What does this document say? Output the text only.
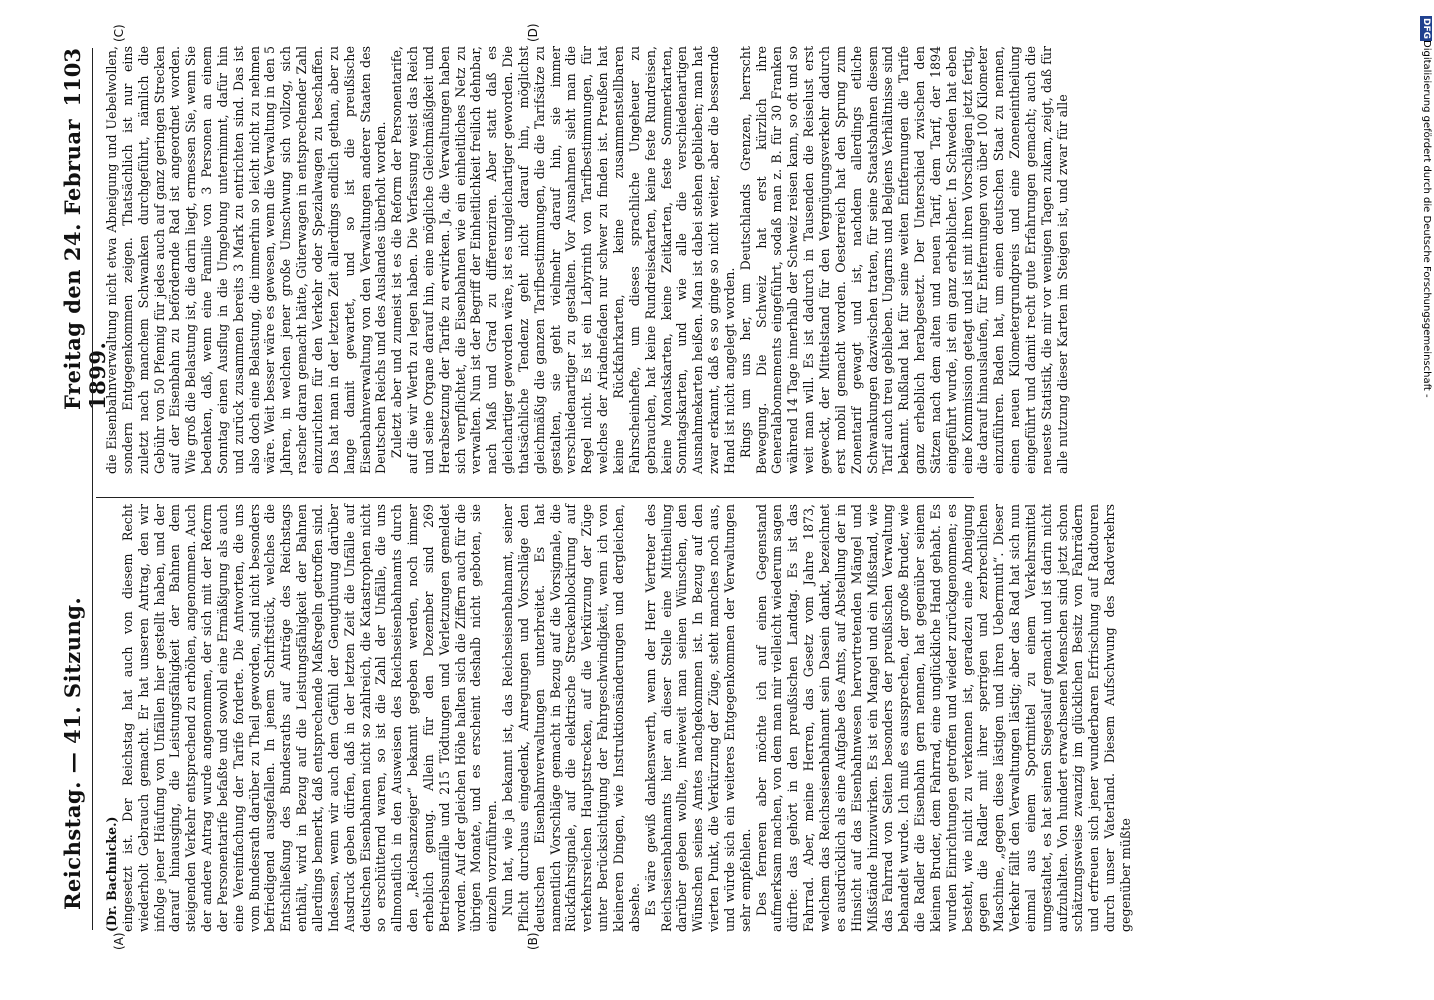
Reichstag. — 41. Sitzung.
Freitag den 24. Februar 1899.
1103
(A)	(B)
(C)	(D)

(Dr. Bachnicke.) eingesetzt ist. Der Reichstag hat auch von diesem Recht wiederholt Gebrauch gemacht. Er hat unseren Antrag, den wir infolge jener Häufung von Unfällen hier gestellt haben, und der darauf hinausging, die Leistungsfähigkeit der Bahnen dem steigenden Verkehr entsprechend zu erhöhen, angenommen. Auch der andere Antrag wurde angenommen, der sich mit der Reform der Personentarife befaßte und sowohl eine Ermäßigung als auch eine Vereinfachung der Tarife forderte. Die Antworten, die uns vom Bundesrath darüber zu Theil geworden, sind nicht besonders befriedigend ausgefallen. In jenem Schriftstück, welches die Entschließung des Bundesraths auf Anträge des Reichstags enthält, wird in Bezug auf die Leistungsfähigkeit der Bahnen allerdings bemerkt, daß entsprechende Maßregeln getroffen sind. Indessen, wenn wir auch dem Gefühl der Genugthuung darüber Ausdruck geben dürfen, daß in der letzten Zeit die Unfälle auf deutschen Eisenbahnen nicht so zahlreich, die Katastrophen nicht so erschütternd waren, so ist die Zahl der Unfälle, die uns allmonatlich in den Ausweisen des Reichseisenbahnamts durch den „Reichsanzeiger“ bekannt gegeben werden, noch immer erheblich genug. Allein für den Dezember sind 269 Betriebsunfälle und 215 Tödtungen und Verletzungen gemeldet worden. Auf der gleichen Höhe halten sich die Ziffern auch für die übrigen Monate, und es erscheint deshalb nicht geboten, sie einzeln vorzuführen. Nun hat, wie ja bekannt ist, das Reichseisenbahnamt, seiner Pflicht durchaus eingedenk, Anregungen und Vorschläge den deutschen Eisenbahnverwaltungen unterbreitet. Es hat namentlich Vorschläge gemacht in Bezug auf die Vorsignale, die Rückfahrsignale, auf die elektrische Streckenblockirung auf verkehrsreichen Hauptstrecken, auf die Verkürzung der Züge unter Berücksichtigung der Fahrgeschwindigkeit, wenn ich von kleineren Dingen, wie Instruktionsänderungen und dergleichen, absehe. Es wäre gewiß dankenswerth, wenn der Herr Vertreter des Reichseisenbahnamts hier an dieser Stelle eine Mittheilung darüber geben wollte, inwieweit man seinen Wünschen, den Wünschen seines Amtes nachgekommen ist. In Bezug auf den vierten Punkt, die Verkürzung der Züge, steht manches noch aus, und würde sich ein weiteres Entgegenkommen der Verwaltungen sehr empfehlen. Des ferneren aber möchte ich auf einen Gegenstand aufmerksam machen, von dem man mir vielleicht wiederum sagen dürfte: das gehört in den preußischen Landtag. Es ist das Fahrrad. Aber, meine Herren, das Gesetz vom Jahre 1873, welchem das Reichseisenbahnamt sein Dasein dankt, bezeichnet es ausdrücklich als eine Aufgabe des Amts, auf Abstellung der in Hinsicht auf das Eisenbahnwesen hervortretenden Mängel und Mißstände hinzuwirken. Es ist ein Mangel und ein Mißstand, wie das Fahrrad von Seiten besonders der preußischen Verwaltung behandelt wurde. Ich muß es aussprechen, der große Bruder, wie die Radler die Eisenbahn gern nennen, hat gegenüber seinem kleinen Bruder, dem Fahrrad, eine unglückliche Hand gehabt. Es wurden Einrichtungen getroffen und wieder zurückgenommen; es besteht, wie nicht zu verkennen ist, geradezu eine Abneigung gegen die Radler mit ihrer sperrigen und zerbrechlichen Maschine, „gegen diese lästigen und ihren Uebermuth“. Dieser Verkehr fällt den Verwaltungen lästig; aber das Rad hat sich nun einmal aus einem Sportmittel zu einem Verkehrsmittel umgestaltet, es hat seinen Siegeslauf gemacht und ist darin nicht aufzuhalten. Von hundert erwachsenen Menschen sind jetzt schon schätzungsweise zwanzig im glücklichen Besitz von Fahrrädern und erfreuen sich jener wunderbaren Erfrischung auf Radtouren durch unser Vaterland. Diesem Aufschwung des Radverkehrs gegenüber müßte

die Eisenbahnverwaltung nicht etwa Abneigung und Uebelwollen, sondern Entgegenkommen zeigen. Thatsächlich ist nur eins zuletzt nach manchem Schwanken durchgeführt, nämlich die Gebühr von 50 Pfennig für jedes auch auf ganz geringen Strecken auf der Eisenbahn zu befördernde Rad ist angeordnet worden. Wie groß die Belastung ist, die darin liegt, ermessen Sie, wenn Sie bedenken, daß, wenn eine Familie von 3 Personen an einem Sonntag einen Ausflug in die Umgebung unternimmt, dafür hin und zurück zusammen bereits 3 Mark zu entrichten sind. Das ist also doch eine Belastung, die immerhin so leicht nicht zu nehmen wäre. Weit besser wäre es gewesen, wenn die Verwaltung in den 5 Jahren, in welchen jener große Umschwung sich vollzog, sich rascher daran gemacht hätte, Güterwagen in entsprechender Zahl einzurichten für den Verkehr oder Spezialwagen zu beschaffen. Das hat man in der letzten Zeit allerdings endlich gethan, aber zu lange damit gewartet, und so ist die preußische Eisenbahnverwaltung von den Verwaltungen anderer Staaten des Deutschen Reichs und des Auslandes überholt worden. Zuletzt aber und zumeist ist es die Reform der Personentarife, auf die wir Werth zu legen haben. Die Verfassung weist das Reich und seine Organe darauf hin, eine mögliche Gleichmäßigkeit und Herabsetzung der Tarife zu erwirken. Ja, die Verwaltungen haben sich verpflichtet, die Eisenbahnen wie ein einheitliches Netz zu verwalten. Nun ist der Begriff der Einheitlichkeit freilich dehnbar, nach Maß und Grad zu differenziren. Aber statt daß es gleichartiger geworden wäre, ist es ungleichartiger geworden. Die thatsächliche Tendenz geht nicht darauf hin, möglichst gleichmäßig die ganzen Tarifbestimmungen, die die Tarifsätze zu gestalten, sie geht vielmehr darauf hin, sie immer verschiedenartiger zu gestalten. Vor Ausnahmen sieht man die Regel nicht. Es ist ein Labyrinth von Tarifbestimmungen, für welches der Ariadnefaden nur schwer zu finden ist. Preußen hat keine Rückfahrkarten, keine zusammenstellbaren Fahrscheinhefte, um dieses sprachliche Ungeheuer zu gebrauchen, hat keine Rundreisekarten, keine feste Rundreisen, keine Monatskarten, keine Zeitkarten, feste Sommerkarten, Sonntagskarten, und wie alle die verschiedenartigen Ausnahmekarten heißen. Man ist dabei stehen geblieben; man hat zwar erkannt, daß es so ginge so nicht weiter, aber die bessernde Hand ist nicht angelegt worden. Rings um uns her, um Deutschlands Grenzen, herrscht Bewegung. Die Schweiz hat erst kürzlich ihre Generalabonnements eingeführt, sodaß man z. B. für 30 Franken während 14 Tage innerhalb der Schweiz reisen kann, so oft und so weit man will. Es ist dadurch in Tausenden die Reiselust erst geweckt, der Mittelstand für den Vergnügungsverkehr dadurch erst mobil gemacht worden. Oesterreich hat den Sprung zum Zonentarif gewagt und ist, nachdem allerdings etliche Schwankungen dazwischen traten, für seine Staatsbahnen diesem Tarif auch treu geblieben. Ungarns und Belgiens Verhältnisse sind bekannt. Rußland hat für seine weiten Entfernungen die Tarife ganz erheblich herabgesetzt. Der Unterschied zwischen den Sätzen nach dem alten und neuen Tarif, dem Tarif, der 1894 eingeführt wurde, ist ein ganz erheblicher. In Schweden hat eben eine Kommission getagt und ist mit ihren Vorschlägen jetzt fertig, die darauf hinauslaufen, für Entfernungen von über 100 Kilometer einzuführen. Baden hat, um einen deutschen Staat zu nennen, einen neuen Kilometergrundpreis und eine Zoneneintheilung eingeführt und damit recht gute Erfahrungen gemacht; auch die neueste Statistik, die mir vor wenigen Tagen zukam, zeigt, daß für alle nutzung dieser Karten im Steigen ist, und zwar für alle

DFG
Digitalisierung gefördert durch die Deutsche Forschungsgemeinschaft -
